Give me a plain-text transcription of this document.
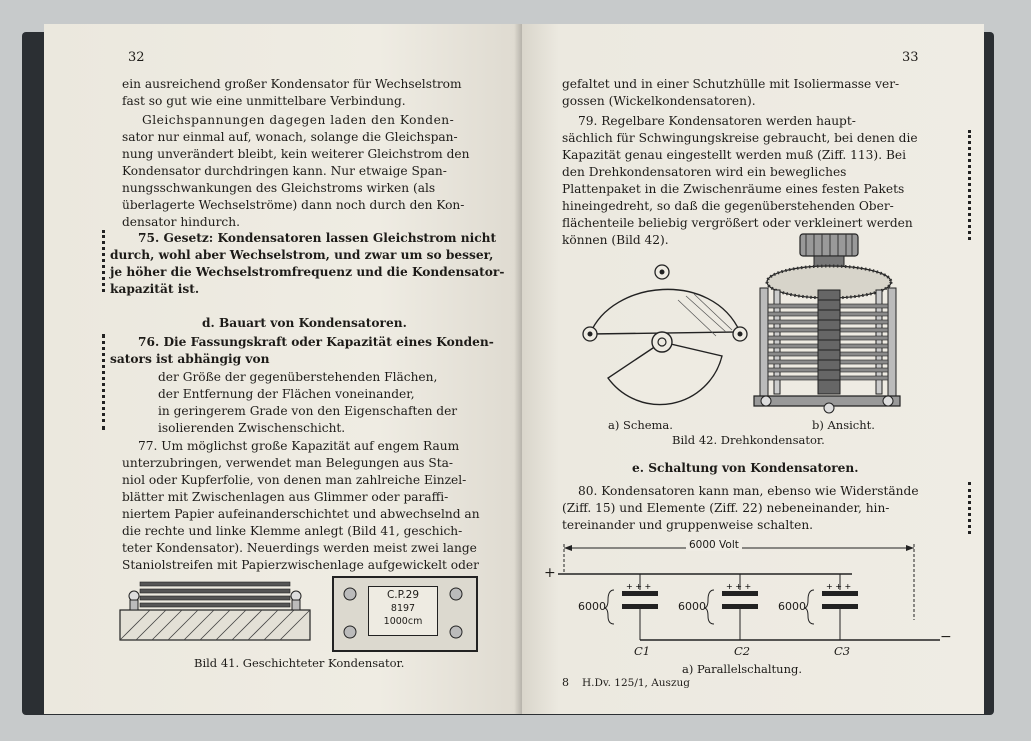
32
ein ausreichend großer Kondensator für Wechselstrom
fast so gut wie eine unmittelbare Verbindung.
Gleichspannungen dagegen laden den Konden-
sator nur einmal auf, wonach, solange die Gleichspan-
nung unverändert bleibt, kein weiterer Gleichstrom den
Kondensator durchdringen kann. Nur etwaige Span-
nungsschwankungen des Gleichstroms wirken (als
überlagerte Wechselströme) dann noch durch den Kon-
densator hindurch.
75. Gesetz: Kondensatoren lassen Gleichstrom nicht
durch, wohl aber Wechselstrom, und zwar um so besser,
je höher die Wechselstromfrequenz und die Kondensator-
kapazität ist.
d. Bauart von Kondensatoren.
76. Die Fassungskraft oder Kapazität eines Konden-
sators ist abhängig von
der Größe der gegenüberstehenden Flächen,
der Entfernung der Flächen voneinander,
in geringerem Grade von den Eigenschaften der
isolierenden Zwischenschicht.
77. Um möglichst große Kapazität auf engem Raum
unterzubringen, verwendet man Belegungen aus Sta-
niol oder Kupferfolie, von denen man zahlreiche Einzel-
blätter mit Zwischenlagen aus Glimmer oder paraffi-
niertem Papier aufeinanderschichtet und abwechselnd an
die rechte und linke Klemme anlegt (Bild 41, geschich-
teter Kondensator). Neuerdings werden meist zwei lange
Staniolstreifen mit Papierzwischenlage aufgewickelt oder
C.P.29
8197
1000cm
Bild 41. Geschichteter Kondensator.
33
gefaltet und in einer Schutzhülle mit Isoliermasse ver-
gossen (Wickelkondensatoren).
79. Regelbare Kondensatoren werden haupt-
sächlich für Schwingungskreise gebraucht, bei denen die
Kapazität genau eingestellt werden muß (Ziff. 113). Bei
den Drehkondensatoren wird ein bewegliches
Plattenpaket in die Zwischenräume eines festen Pakets
hineingedreht, so daß die gegenüberstehenden Ober-
flächenteile beliebig vergrößert oder verkleinert werden
können (Bild 42).
a) Schema.	b) Ansicht.
Bild 42. Drehkondensator.
e. Schaltung von Kondensatoren.
80. Kondensatoren kann man, ebenso wie Widerstände
(Ziff. 15) und Elemente (Ziff. 22) nebeneinander, hin-
tereinander und gruppenweise schalten.
+ + +	+ + +	+ + +
6000 Volt
+
−
6000	6000	6000
C1	C2	C3
a) Parallelschaltung.
8 H.Dv. 125/1, Auszug
